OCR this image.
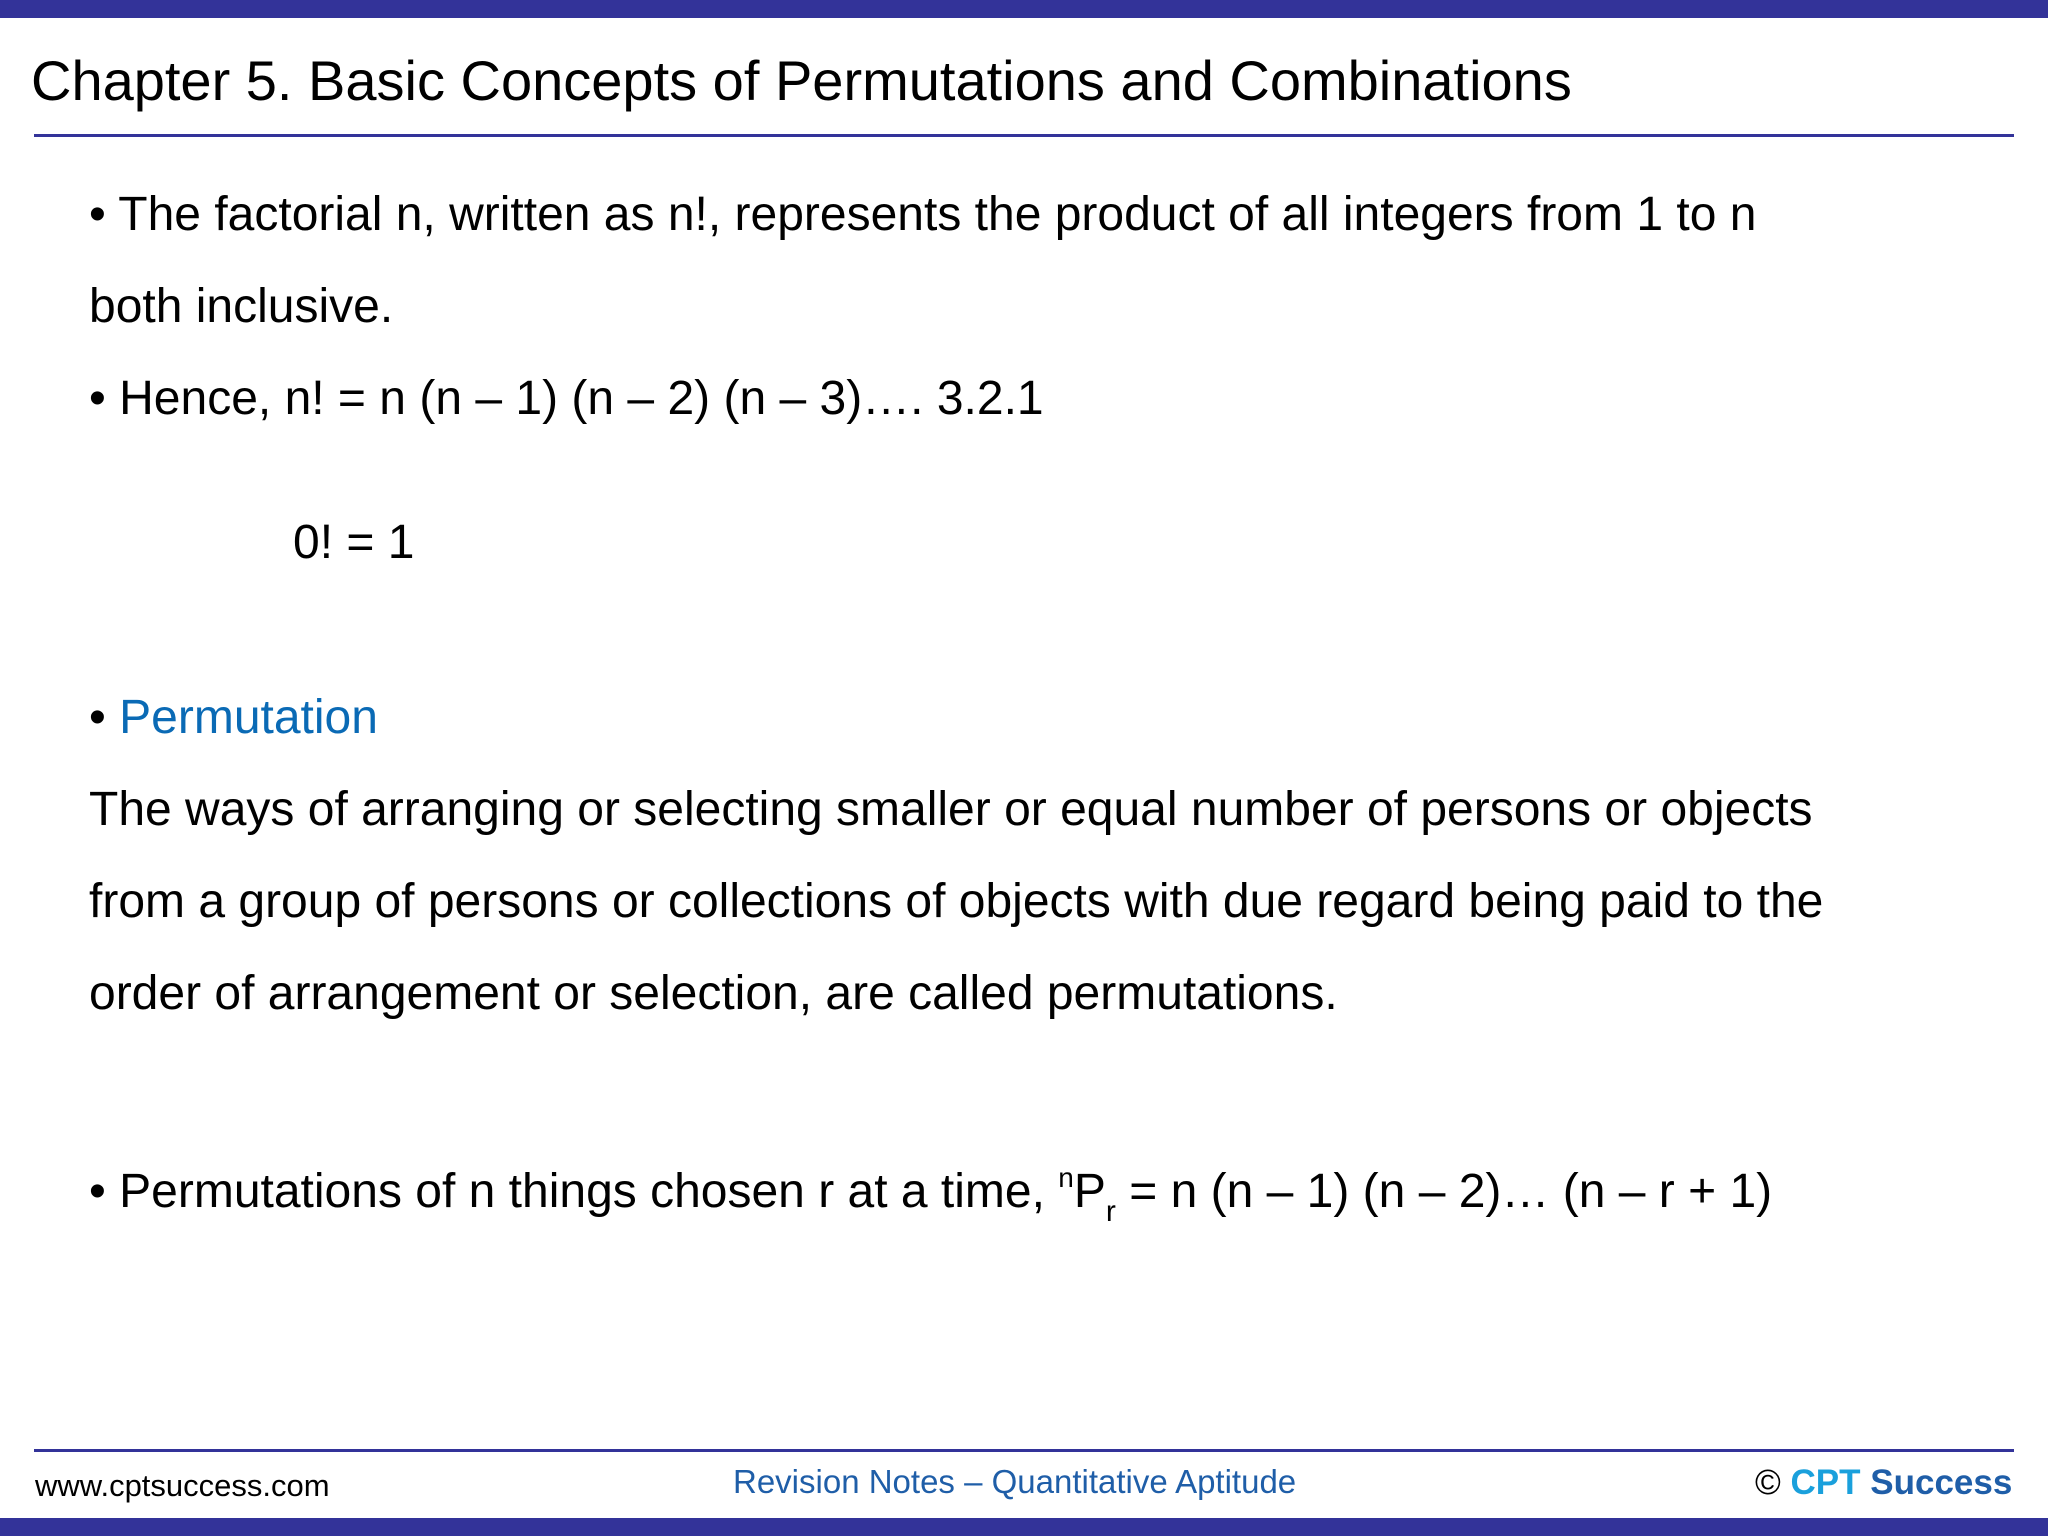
Chapter 5. Basic Concepts of Permutations and Combinations
• The factorial n, written as n!, represents the product of all integers from 1 to n
both inclusive.
• Hence, n! = n (n – 1) (n – 2) (n – 3)…. 3.2.1
0! = 1
• Permutation
The ways of arranging or selecting smaller or equal number of persons or objects
from a group of persons or collections of objects with due regard being paid to the
order of arrangement or selection, are called permutations.
• Permutations of n things chosen r at a time, $^nP_r = n$ (n – 1) (n – 2)… (n – r + 1)
www.cptsuccess.com	Revision Notes – Quantitative Aptitude	© CPT Success
